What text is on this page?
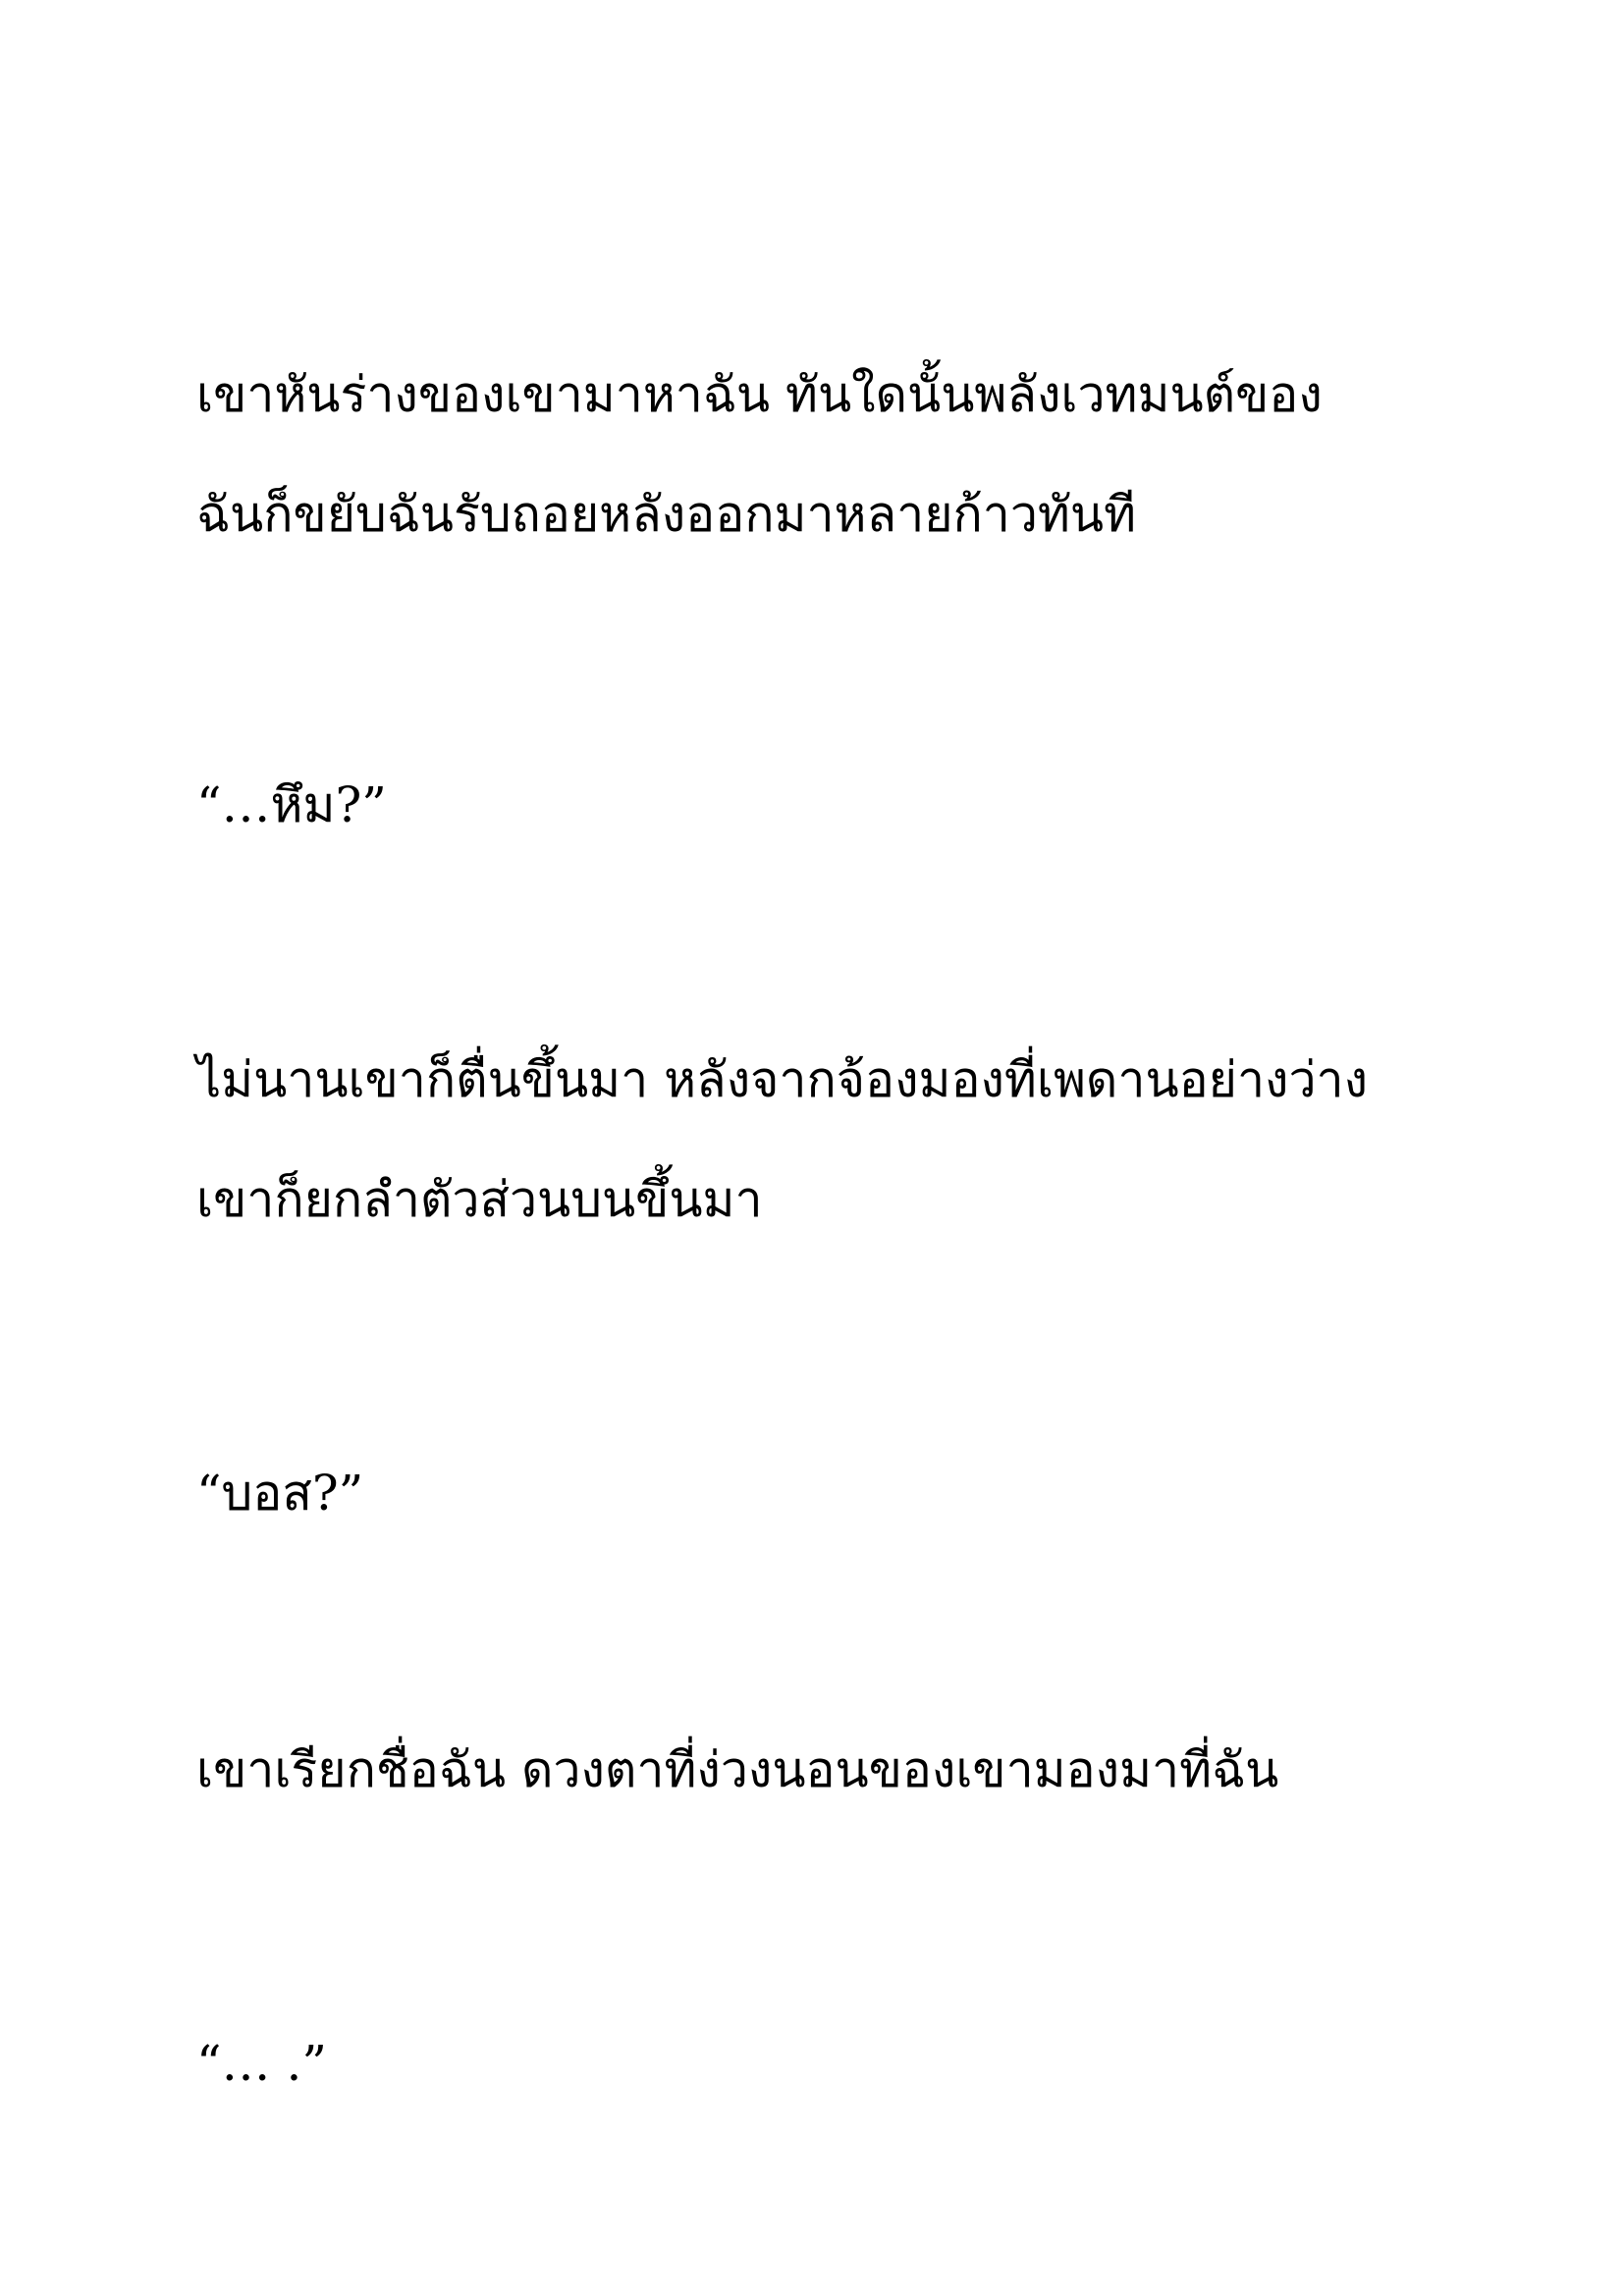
เขาหันร่างของเขามาหาฉัน ทันใดนั้นพลังเวทมนต์ของ

ฉันก็ขยับฉันรับถอยหลังออกมาหลายก้าวทันที

“…หึม?”

ไม่นานเขาก็ตื่นขึ้นมา หลังจากจ้องมองที่เพดานอย่างว่าง

เขาก็ยกลำตัวส่วนบนขึ้นมา

“บอส?”

เขาเรียกชื่อฉัน ดวงตาที่ง่วงนอนของเขามองมาที่ฉัน

“… .”
